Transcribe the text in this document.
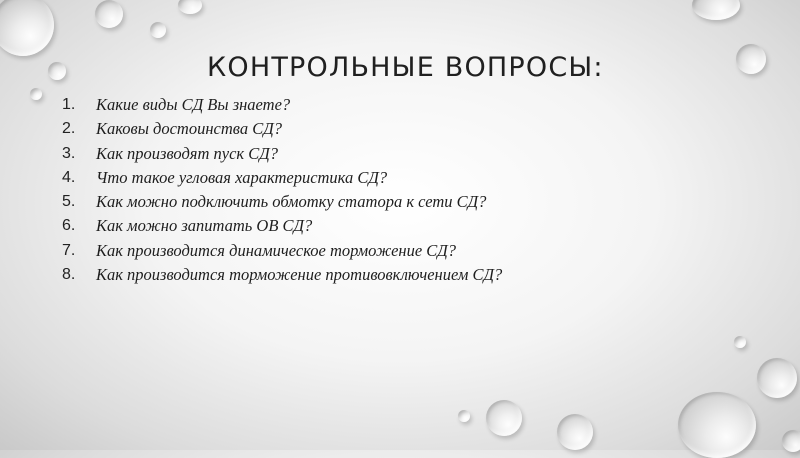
КОНТРОЛЬНЫЕ ВОПРОСЫ:
1.	Какие виды СД Вы знаете?
2.	Каковы достоинства СД?
3.	Как производят пуск СД?
4.	Что такое угловая характеристика СД?
5.	Как можно подключить обмотку статора к сети СД?
6.	Как можно запитать ОВ СД?
7.	Как производится динамическое торможение СД?
8.	Как производится торможение противовключением СД?
